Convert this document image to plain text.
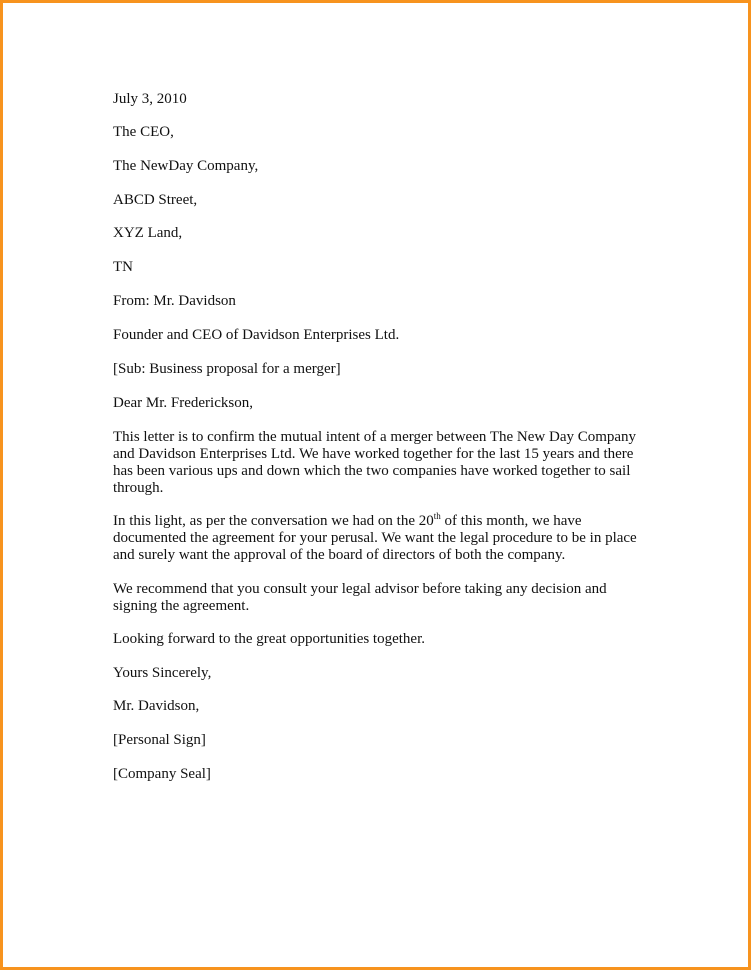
July 3, 2010
The CEO,
The NewDay Company,
ABCD Street,
XYZ Land,
TN
From: Mr. Davidson
Founder and CEO of Davidson Enterprises Ltd.
[Sub: Business proposal for a merger]
Dear Mr. Frederickson,
This letter is to confirm the mutual intent of a merger between The New Day Company
and Davidson Enterprises Ltd. We have worked together for the last 15 years and there
has been various ups and down which the two companies have worked together to sail
through.
In this light, as per the conversation we had on the 20th of this month, we have
documented the agreement for your perusal. We want the legal procedure to be in place
and surely want the approval of the board of directors of both the company.
We recommend that you consult your legal advisor before taking any decision and
signing the agreement.
Looking forward to the great opportunities together.
Yours Sincerely,
Mr. Davidson,
[Personal Sign]
[Company Seal]
